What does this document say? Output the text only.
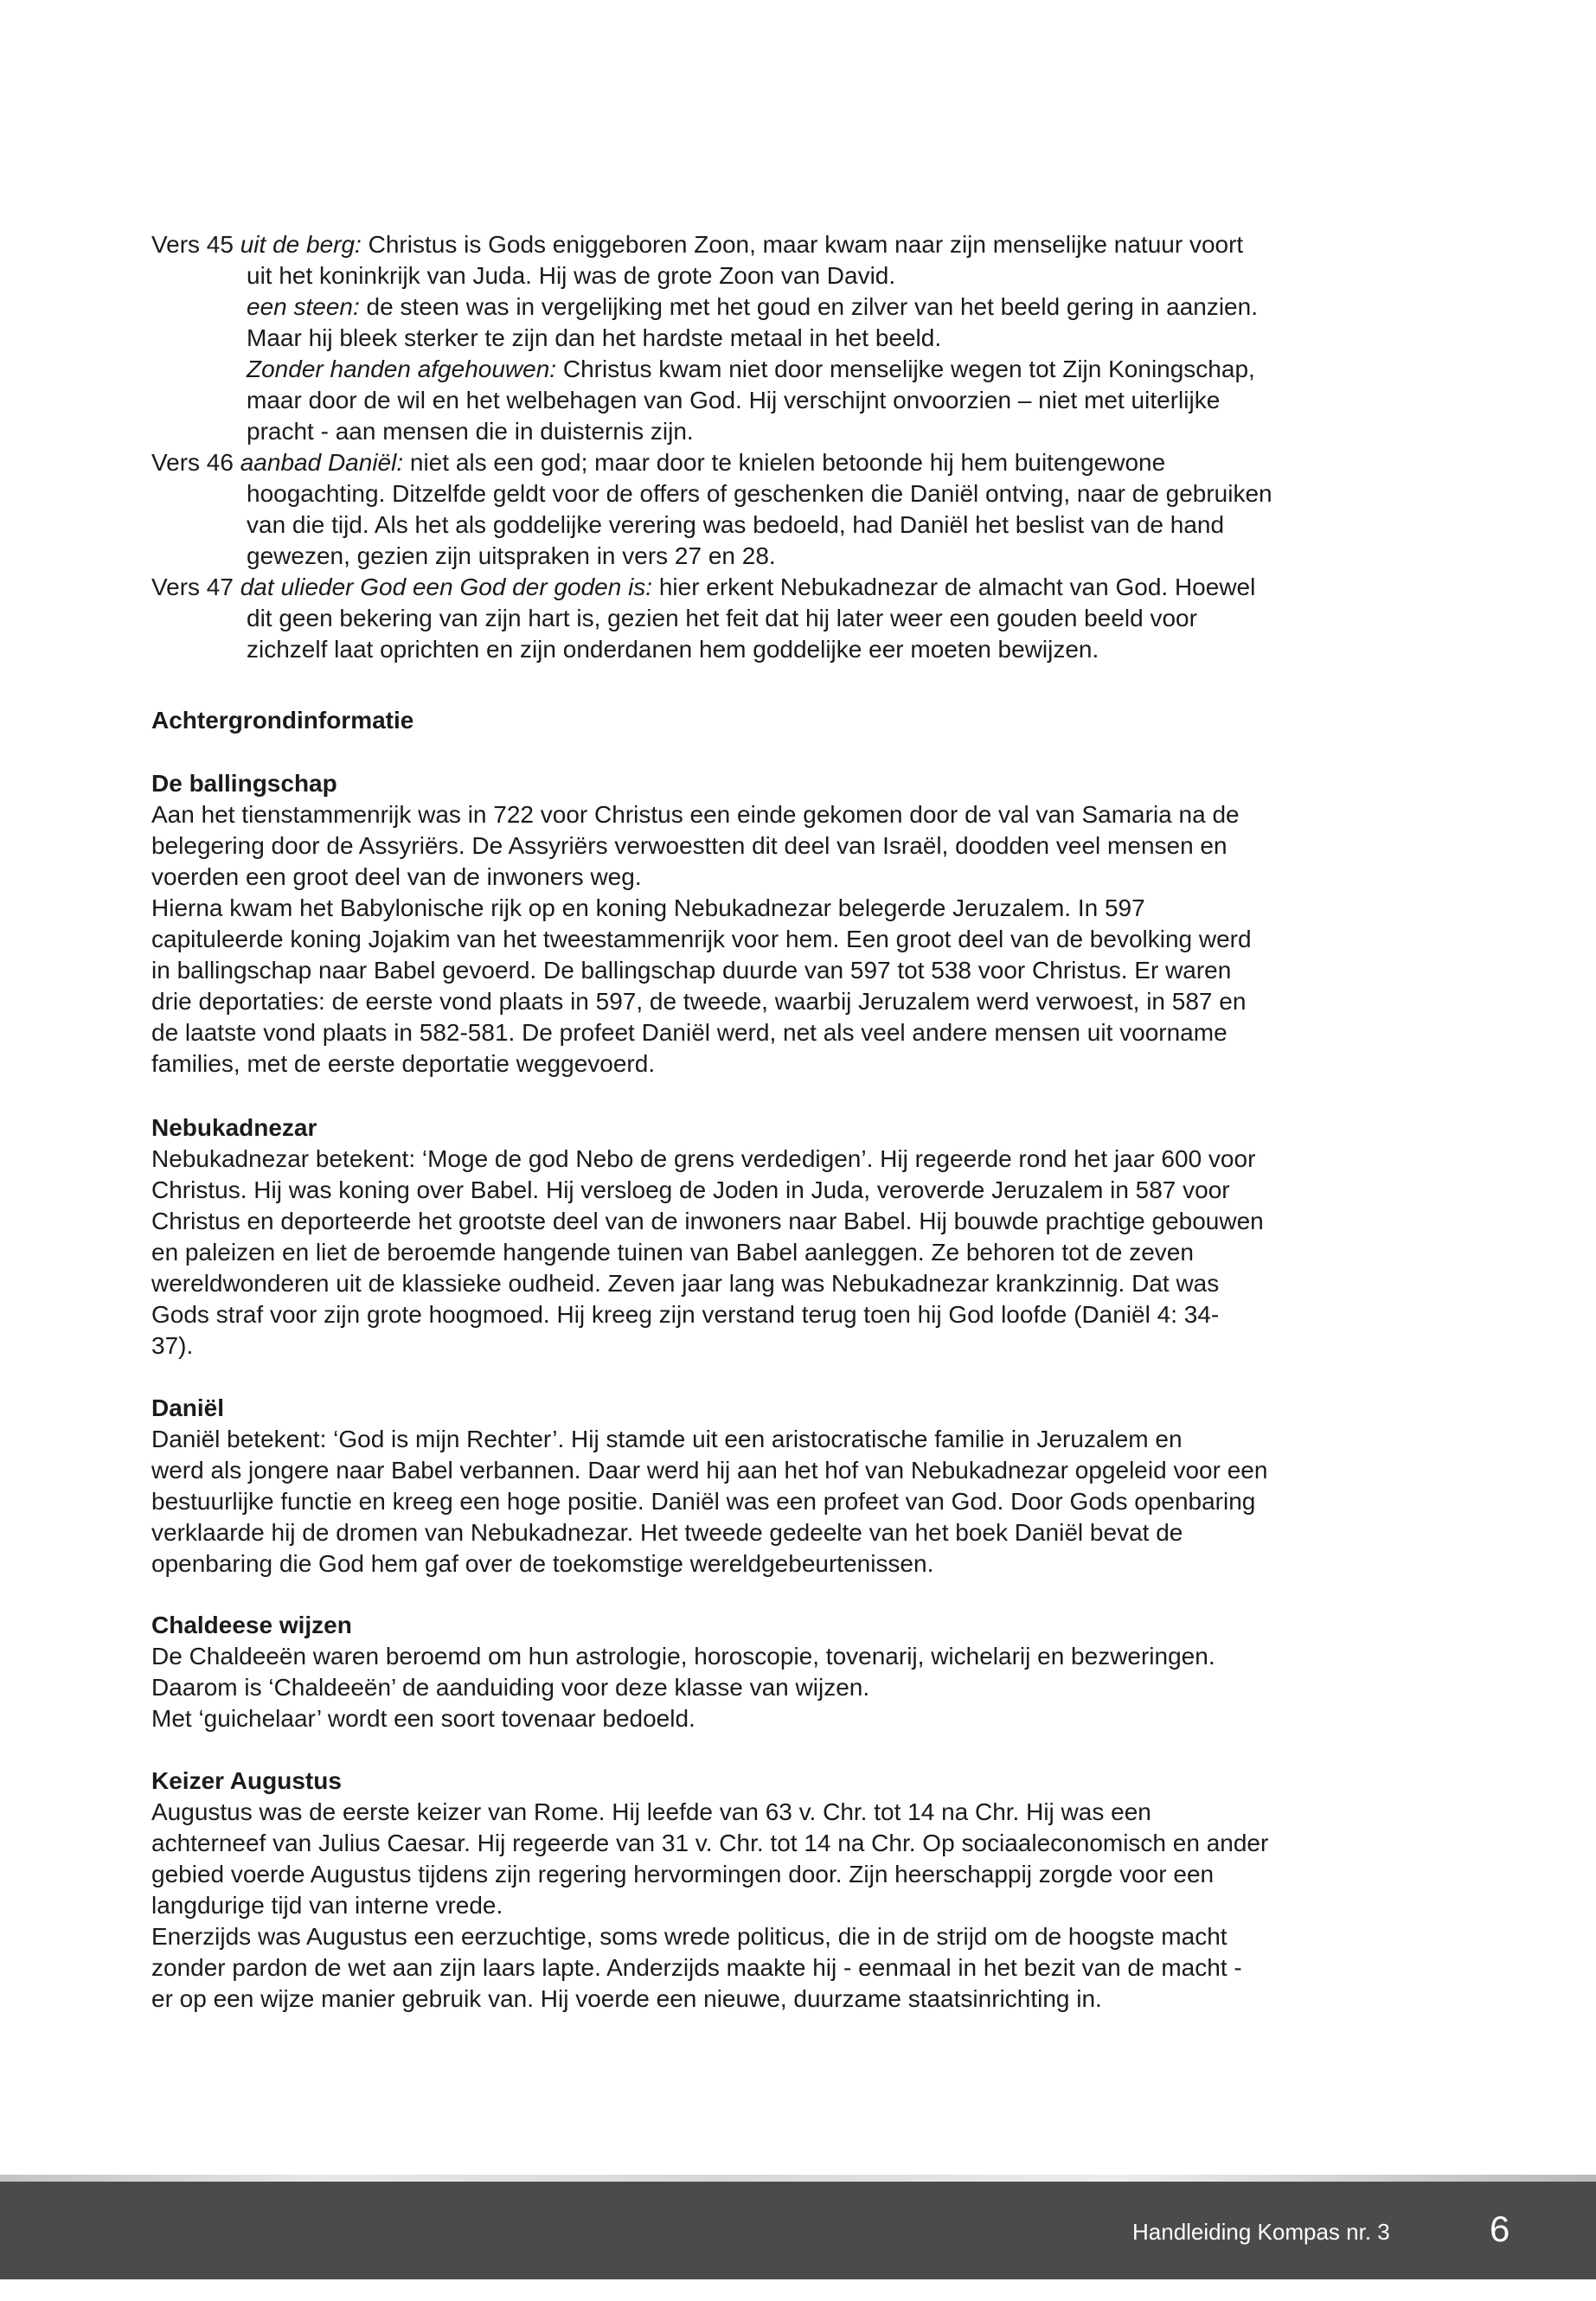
Vers 45 uit de berg: Christus is Gods eniggeboren Zoon, maar kwam naar zijn menselijke natuur voort
uit het koninkrijk van Juda. Hij was de grote Zoon van David.
een steen: de steen was in vergelijking met het goud en zilver van het beeld gering in aanzien.
Maar hij bleek sterker te zijn dan het hardste metaal in het beeld.
Zonder handen afgehouwen: Christus kwam niet door menselijke wegen tot Zijn Koningschap,
maar door de wil en het welbehagen van God. Hij verschijnt onvoorzien – niet met uiterlijke
pracht - aan mensen die in duisternis zijn.
Vers 46 aanbad Daniël: niet als een god; maar door te knielen betoonde hij hem buitengewone
hoogachting. Ditzelfde geldt voor de offers of geschenken die Daniël ontving, naar de gebruiken
van die tijd. Als het als goddelijke verering was bedoeld, had Daniël het beslist van de hand
gewezen, gezien zijn uitspraken in vers 27 en 28.
Vers 47 dat ulieder God een God der goden is: hier erkent Nebukadnezar de almacht van God. Hoewel
dit geen bekering van zijn hart is, gezien het feit dat hij later weer een gouden beeld voor
zichzelf laat oprichten en zijn onderdanen hem goddelijke eer moeten bewijzen.
Achtergrondinformatie
De ballingschap
Aan het tienstammenrijk was in 722 voor Christus een einde gekomen door de val van Samaria na de
belegering door de Assyriërs. De Assyriërs verwoestten dit deel van Israël, doodden veel mensen en
voerden een groot deel van de inwoners weg.
Hierna kwam het Babylonische rijk op en koning Nebukadnezar belegerde Jeruzalem. In 597
capituleerde koning Jojakim van het tweestammenrijk voor hem. Een groot deel van de bevolking werd
in ballingschap naar Babel gevoerd. De ballingschap duurde van 597 tot 538 voor Christus. Er waren
drie deportaties: de eerste vond plaats in 597, de tweede, waarbij Jeruzalem werd verwoest, in 587 en
de laatste vond plaats in 582-581. De profeet Daniël werd, net als veel andere mensen uit voorname
families, met de eerste deportatie weggevoerd.
Nebukadnezar
Nebukadnezar betekent: ‘Moge de god Nebo de grens verdedigen’. Hij regeerde rond het jaar 600 voor
Christus. Hij was koning over Babel. Hij versloeg de Joden in Juda, veroverde Jeruzalem in 587 voor
Christus en deporteerde het grootste deel van de inwoners naar Babel. Hij bouwde prachtige gebouwen
en paleizen en liet de beroemde hangende tuinen van Babel aanleggen. Ze behoren tot de zeven
wereldwonderen uit de klassieke oudheid. Zeven jaar lang was Nebukadnezar krankzinnig. Dat was
Gods straf voor zijn grote hoogmoed. Hij kreeg zijn verstand terug toen hij God loofde (Daniël 4: 34-
37).
Daniël
Daniël betekent: ‘God is mijn Rechter’. Hij stamde uit een aristocratische familie in Jeruzalem en
werd als jongere naar Babel verbannen. Daar werd hij aan het hof van Nebukadnezar opgeleid voor een
bestuurlijke functie en kreeg een hoge positie. Daniël was een profeet van God. Door Gods openbaring
verklaarde hij de dromen van Nebukadnezar. Het tweede gedeelte van het boek Daniël bevat de
openbaring die God hem gaf over de toekomstige wereldgebeurtenissen.
Chaldeese wijzen
De Chaldeeën waren beroemd om hun astrologie, horoscopie, tovenarij, wichelarij en bezweringen.
Daarom is ‘Chaldeeën’ de aanduiding voor deze klasse van wijzen.
Met ‘guichelaar’ wordt een soort tovenaar bedoeld.
Keizer Augustus
Augustus was de eerste keizer van Rome. Hij leefde van 63 v. Chr. tot 14 na Chr. Hij was een
achterneef van Julius Caesar. Hij regeerde van 31 v. Chr. tot 14 na Chr. Op sociaaleconomisch en ander
gebied voerde Augustus tijdens zijn regering hervormingen door. Zijn heerschappij zorgde voor een
langdurige tijd van interne vrede.
Enerzijds was Augustus een eerzuchtige, soms wrede politicus, die in de strijd om de hoogste macht
zonder pardon de wet aan zijn laars lapte. Anderzijds maakte hij - eenmaal in het bezit van de macht -
er op een wijze manier gebruik van. Hij voerde een nieuwe, duurzame staatsinrichting in.
Handleiding Kompas nr. 3	6
